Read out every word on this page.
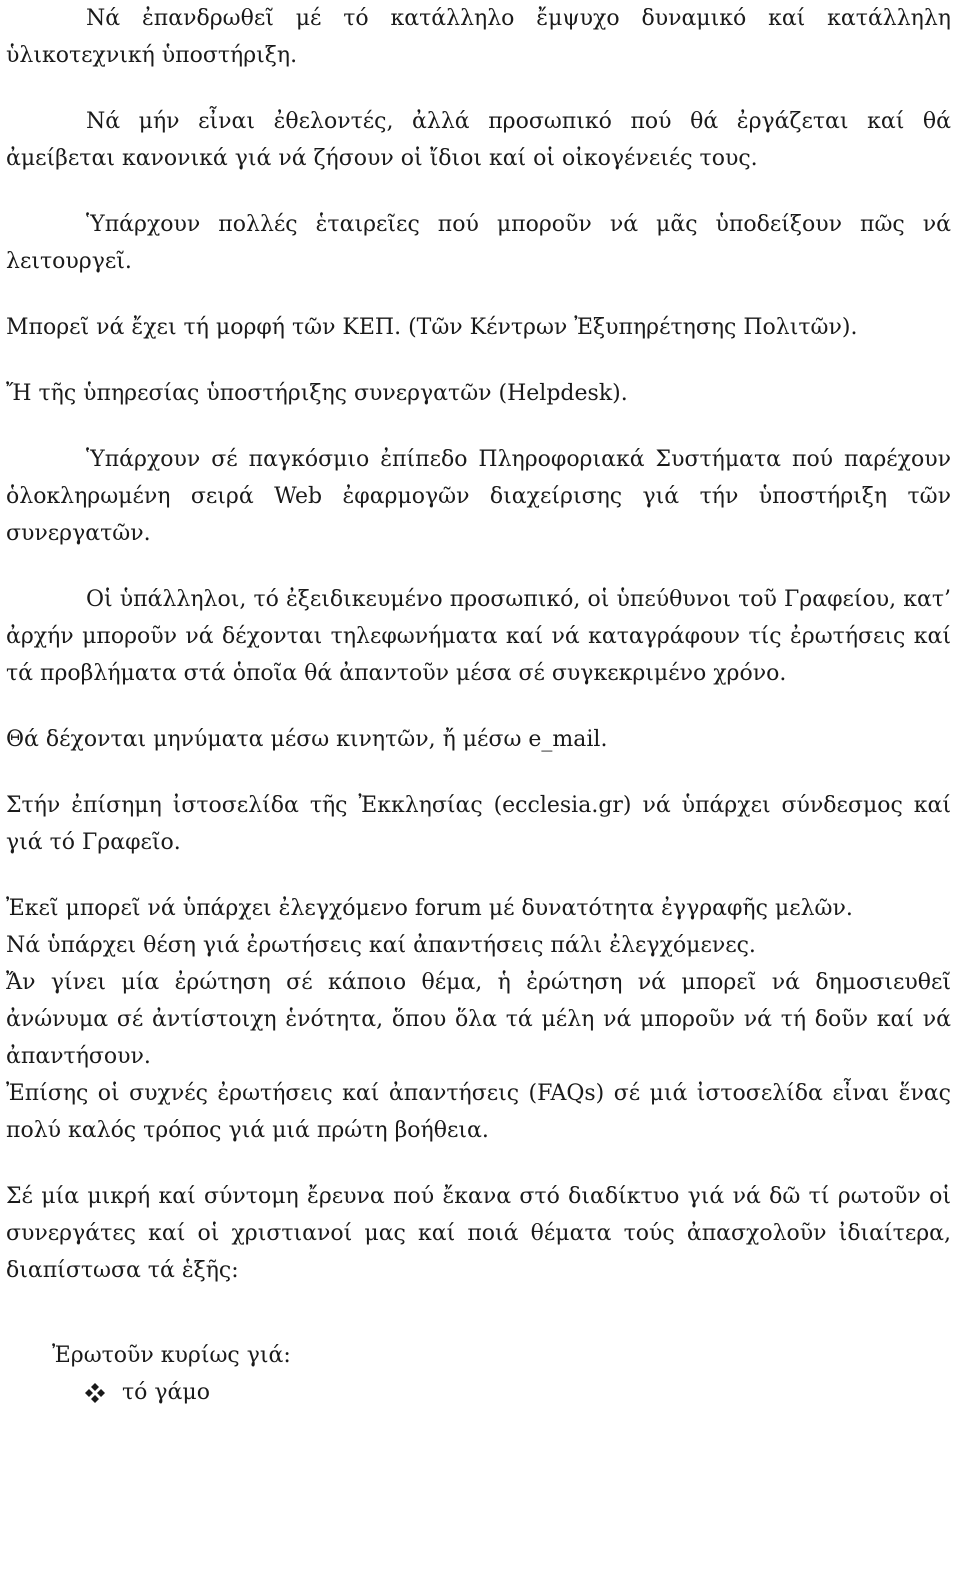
Νά ἐπανδρωθεῖ μέ τό κατάλληλο ἔμψυχο δυναμικό καί κατάλληλη ὑλικοτεχνική ὑποστήριξη.

Νά μήν εἶναι ἐθελοντές, ἀλλά προσωπικό πού θά ἐργάζεται καί θά ἀμείβεται κανονικά γιά νά ζήσουν οἱ ἴδιοι καί οἱ οἰκογένειές τους.

Ὑπάρχουν πολλές ἑταιρεῖες πού μποροῦν νά μᾶς ὑποδείξουν πῶς νά λειτουργεῖ.

Μπορεῖ νά ἔχει τή μορφή τῶν ΚΕΠ. (Τῶν Κέντρων Ἐξυπηρέτησης Πολιτῶν).

Ἤ τῆς ὑπηρεσίας ὑποστήριξης συνεργατῶν (Helpdesk).

Ὑπάρχουν σέ παγκόσμιο ἐπίπεδο Πληροφοριακά Συστήματα πού παρέχουν ὁλοκληρωμένη σειρά Web ἐφαρμογῶν διαχείρισης γιά τήν ὑποστήριξη τῶν συνεργατῶν.

Οἱ ὑπάλληλοι, τό ἐξειδικευμένο προσωπικό, οἱ ὑπεύθυνοι τοῦ Γραφείου, κατ’ ἀρχήν μποροῦν νά δέχονται τηλεφωνήματα καί νά καταγράφουν τίς ἐρωτήσεις καί τά προβλήματα στά ὁποῖα θά ἀπαντοῦν μέσα σέ συγκεκριμένο χρόνο.

Θά δέχονται μηνύματα μέσω κινητῶν, ἤ μέσω e_mail.

Στήν ἐπίσημη ἰστοσελίδα τῆς Ἐκκλησίας (ecclesia.gr) νά ὑπάρχει σύνδεσμος καί γιά τό Γραφεῖο.

Ἐκεῖ μπορεῖ νά ὑπάρχει ἐλεγχόμενο forum μέ δυνατότητα ἐγγραφῆς μελῶν.

Νά ὑπάρχει θέση γιά ἐρωτήσεις καί ἀπαντήσεις πάλι ἐλεγχόμενες.

Ἄν γίνει μία ἐρώτηση σέ κάποιο θέμα, ἡ ἐρώτηση νά μπορεῖ νά δημοσιευθεῖ ἀνώνυμα σέ ἀντίστοιχη ἑνότητα, ὅπου ὅλα τά μέλη νά μποροῦν νά τή δοῦν καί νά ἀπαντήσουν.

Ἐπίσης οἱ συχνές ἐρωτήσεις καί ἀπαντήσεις (FAQs) σέ μιά ἰστοσελίδα εἶναι ἕνας πολύ καλός τρόπος γιά μιά πρώτη βοήθεια.

Σέ μία μικρή καί σύντομη ἔρευνα πού ἔκανα στό διαδίκτυο γιά νά δῶ τί ρωτοῦν οἱ συνεργάτες καί οἱ χριστιανοί μας καί ποιά θέματα τούς ἀπασχολοῦν ἰδιαίτερα, διαπίστωσα τά ἑξῆς:

Ἐρωτοῦν κυρίως γιά:

τό γάμο
